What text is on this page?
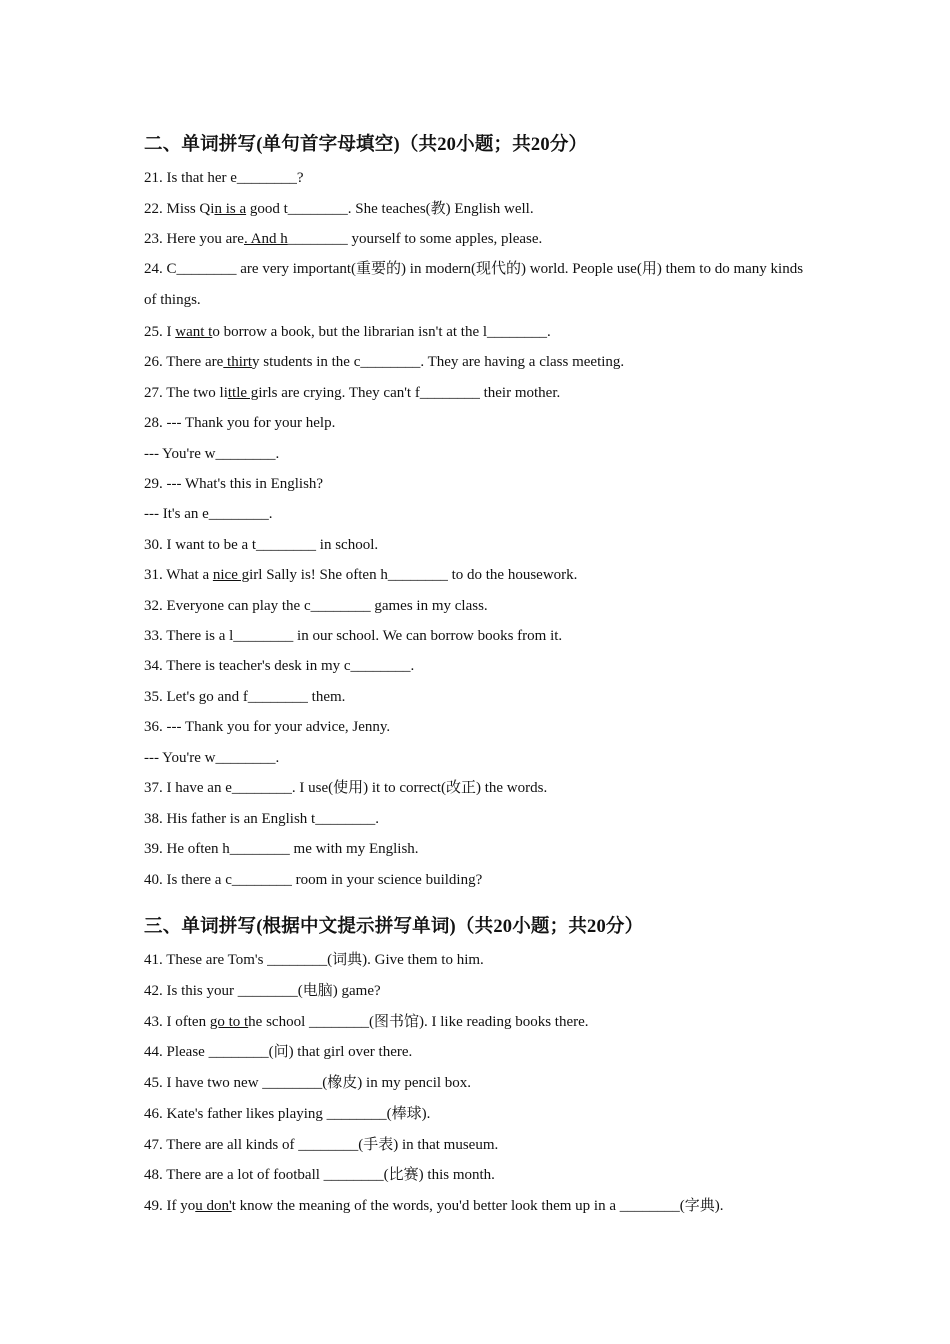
二、单词拼写(单句首字母填空)（共20小题；共20分）
21. Is that her e________?
22. Miss Qin is a good t________. She teaches(教) English well.
23. Here you are. And h________ yourself to some apples, please.
24. C________ are very important(重要的) in modern(现代的) world. People use(用) them to do many kinds of things.
25. I want to borrow a book, but the librarian isn't at the l________.
26. There are thirty students in the c________. They are having a class meeting.
27. The two little girls are crying. They can't f________ their mother.
28. --- Thank you for your help.
--- You're w________.
29. --- What's this in English?
--- It's an e________.
30. I want to be a t________ in school.
31. What a nice girl Sally is! She often h________ to do the housework.
32. Everyone can play the c________ games in my class.
33. There is a l________ in our school. We can borrow books from it.
34. There is teacher's desk in my c________.
35. Let's go and f________ them.
36. --- Thank you for your advice, Jenny.
--- You're w________.
37. I have an e________. I use(使用) it to correct(改正) the words.
38. His father is an English t________.
39. He often h________ me with my English.
40. Is there a c________ room in your science building?
三、单词拼写(根据中文提示拼写单词)（共20小题；共20分）
41. These are Tom's ________(词典). Give them to him.
42. Is this your ________(电脑) game?
43. I often go to the school ________(图书馆). I like reading books there.
44. Please ________(问) that girl over there.
45. I have two new ________(橡皮) in my pencil box.
46. Kate's father likes playing ________(棒球).
47. There are all kinds of ________(手表) in that museum.
48. There are a lot of football ________(比赛) this month.
49. If you don't know the meaning of the words, you'd better look them up in a ________(字典).
